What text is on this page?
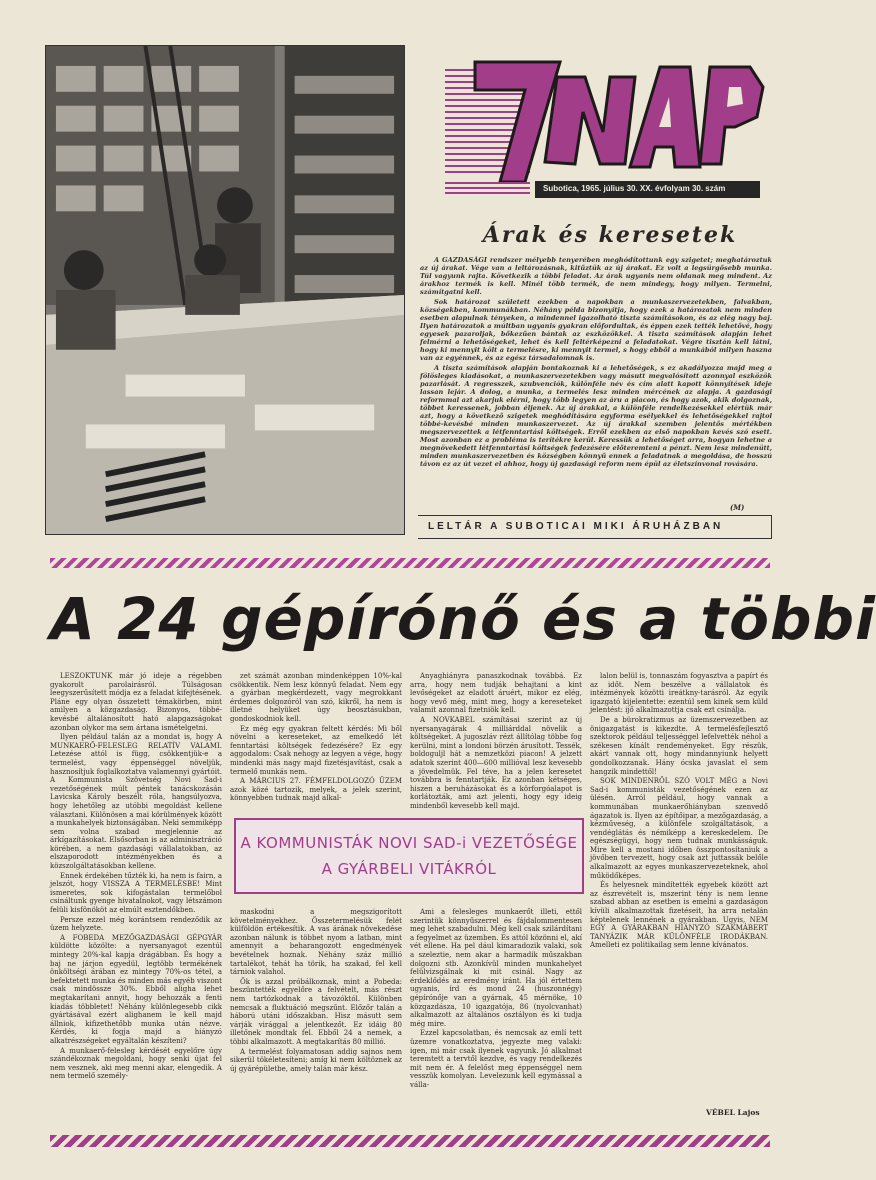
Subotica, 1965. július 30. XX. évfolyam 30. szám
Árak és keresetek

A GAZDASÁGI rendszer mélyebb tenyerében meghódítottunk egy szigetet; meghatároztuk az új árakat. Vége van a leltározásnak, kitűztük az új árakat. Ez volt a legsürgősebb munka. Túl vagyunk rajta. Következik a többi feladat. Az árak ugyanis nem oldanak meg mindent. Az árakhoz termék is kell. Minél több termék, de nem mindegy, hogy milyen. Termelni, számítgatni kell.

Sok határozat született ezekben a napokban a munkaszervezetekben, falvakban, községekben, kommunákban. Néhány példa bizonyítja, hogy ezek a határozatok nem minden esetben alapulnak tényeken, a mindennel igazolható tiszta számításokon, és az elég nagy baj. Ilyen határozatok a múltban ugyanis gyakran előfordultak, és éppen ezek tették lehetővé, hogy egyesek pazaroljak, bőkezűen bántak az eszközökkel. A tiszta számítások alapján lehet felmérni a lehetőségeket, lehet és kell feltérképezni a feladatokat. Végre tisztán kell látni, hogy ki mennyit költ a termelésre, ki mennyit termel, s hogy ebből a munkából milyen haszna van az egyénnek, és az egész társadalomnak is.

A tiszta számítások alapján bontakoznak ki a lehetőségek, s ez akadályozza majd meg a fölösleges kiadásokat, a munkaszervezetekben vagy másutt megvalósított azonnyal eszközök pazarlását. A regresszek, szubvenciók, különféle név és cím alatt kapott könnyítések ideje lassan lejár. A dolog, a munka, a termelés lesz minden mércének az alapja. A gazdasági reformmal azt akarjuk elérni, hogy több legyen az áru a piacon, és hogy azok, akik dolgoznak, többet keressenek, jobban éljenek. Az új árakkal, a különféle rendelkezésekkel elértük már azt, hogy a következő szigetek meghódítására egyforma esélyekkel és lehetőségekkel rajtol többé-kevésbé minden munkaszervezet. Az új árakkal szemben jelentős mértékben megszervezettek a létfenntartási költségek. Erről ezekben az első napokban kevés szó esett. Most azonban ez a probléma is terítékre kerül. Keressük a lehetőséget arra, hogyan lehetne a megnövekedett létfenntartási költségek fedezésére előteremteni a pénzt. Nem lesz mindenütt, minden munkaszervezetben és községben könnyű ennek a feladatnak a megoldása, de hosszú távon ez az út vezet el ahhoz, hogy új gazdasági reform nem épül az életszínvonal rovására.

(M)
LELTÁR A SUBOTICAI MIKI ÁRUHÁZBAN
A 24 gépírónő és a többi

LESZOKTUNK már jó ideje a régebben gyakorolt parolairásról. Túlságosan leegyszerűsített módja ez a feladat kifejtésének. Pláne egy olyan összetett témakörben, mint amilyen a közgazdaság. Bizonyos, többé-kevésbé általánosított ható alapgazságokat azonban olykor ma sem ártana ismételgetni.

Ilyen például talán az a mondat is, hogy A MUNKAERŐ-FELESLEG RELATÍV VALAMI. Letezése attól is függ, csökkentjük-e a termelést, vagy éppenséggel növeljük, hasznosítjuk foglalkoztatva valamennyi gyártóit. A Kommunista Szövetség Novi Sad-i vezetőségének múlt péntek tanácskozásán Lavicska Károly beszélt róla, hangsúlyozva, hogy lehetőleg az utóbbi megoldást kellene választani. Különösen a mai körülmények között a munkahelyek biztonságában. Neki semmiképp sem volna szabad megjelennie az árkígazításokat. Elsősorban is az adminisztráció körében, a nem gazdasági vállalatokban, az elszaporodott intézményekben és a közszolgáltatásokban kellene.

Ennek érdekében tűzték ki, ha nem is fairn, a jelszót, hogy VISSZA A TERMELÉSBE! Mint ismeretes, sok kifogástalan termelőbol csináltunk gyenge hivatalnokot, vagy létszámon felüli kisfönököt az elmúlt esztendőkben.

Persze ezzel még korántsem rendeződik az üzem helyzete.

A FOBEDA MEZŐGAZDASÁGI GÉPGYÁR küldötte közölte: a nyersanyagot ezentúl mintegy 20%-kal kapja drágábban. És hogy a baj ne járjon egyedül, legtöbb termékének önköltségi árában ez mintegy 70%-os tétel, a befektetett munka és minden más egyéb viszont csak mindössze 30%. Ebből aligha lehet megtakarítani annyit, hogy behozzák a fenti kiadás többletet! Néhány különlegesebb cikk gyártásával ezért alighanem le kell majd állniok, kifizethetőbb munka után nézve. Kérdés, ki fogja majd a hiányzó alkatrészségeket egyáltalán készíteni?

A munkaerő-felesleg kérdését egyelőre úgy szándékoznak megoldani, hogy senki újat fel nem vesznek, aki meg menni akar, elengedik. A nem termelő személy-

zet számát azonban mindenképpen 10%-kal csökkentik. Nem lesz könnyű feladat. Nem egy a gyárban megkérdezett, vagy megrokkant érdemes dolgozóról van szó, kikről, ha nem is illetné helyüket úgy beosztásukban, gondoskodniok kell.

Ez még egy gyakran feltett kérdés: Mi ből növelni a kereseteket, az emelkedő lét fenntartási költségek fedezésére? Ez egy aggodalom: Csak nehogy az legyen a vége, hogy mindenki más nagy majd fizetésjavítást, csak a termelő munkás nem.

A MÁRCIUS 27. FÉMFELDOLGOZÓ ÜZEM azok közé tartozik, melyek, a jelek szerint, könnyebben tudnak majd alkal-

Anyaghiányra panaszkodnak továbbá. Ez arra, hogy nem tudják behajtani a kint levőségeket az eladott áruért, mikor ez elég, hogy vevő még, mint meg, hogy a kereseteket valamit azonnal fizetniök kell.

A NOVKABEL számításai szerint az új nyersanyagárak 4 milliárddal növelik a költségeket. A jugoszláv rézt állítólag többe fog kerülni, mint a londoni börzén árusított. Tessék, boldoguljl hát a nemzetközi piacon! A jelzett adatok szerint 400—600 millióval lesz kevesebb a jövedelmük. Fel téve, ha a jelen keresetet továbbra is fenntartják. Ez azonban kétséges, hiszen a beruházásokat és a körforgóalapot is korlátozták, ami azt jelenti, hogy egy ideig mindenből kevesebb kell majd.

A KOMMUNISTÁK NOVI SAD-i VEZETŐSÉGE
A GYÁRBELI VITÁKRÓL

maskodni a megszigorított követelményekhez. Összetermelésük felét külföldön értékesítik. A vas árának növekedése azonban nálunk is többet nyom a latban, mint amennyit a beharangozott engedmények bevételnek hoznak. Néhány száz millió tartalékot, tehát ha törik, ha szakad, fel kell tárniok valahol.

Ők is azzal próbálkoznak, mint a Pobeda: beszüntették egyelőre a felvételt, más részt nem tartózkodnak a távozóktól. Különben nemcsak a fluktuáció megszűnt. Előzőr talán a háború utáni időszakban. Hisz másutt sem várják virággal a jelentkezőt. Ez idáig 80 illetőnek mondtak fel. Ebből 24 a nemek, a többi alkalmazott. A megtakarítás 80 millió.

A termelést folyamatosan addig sajnos nem sikerül tökéletesíteni; amíg ki nem költöznek az új gyárépületbe, amely talán már kész.

Ami a felesleges munkaerőt illeti, ettől szerintük könnyűszerrel és fájdalommentesen meg lehet szabadulni. Még kell csak szilárdítani a fegyelmet az üzemben. Es attól közönni el, akí vét ellene. Ha pel dául kimaradozik valaki, sok a szeleztie, nem akar a harmadik műszakban dolgozni stb. Azonkívül minden munkahelyet felülvizsgálnak ki mit csinál. Nagy az érdeklődés az eredmény iránt. Ha jól értettem ugyanis, írd és mond 24 (huszonnégy) gépírónője van a gyárnak, 45 mérnöke, 10 közgazdásza, 10 igazgatója, 86 (nyolcvanhat) alkalmazott az általános osztályon és ki tudja még mire.

Ezzel kapcsolatban, és nemcsak az emlí tett üzemre vonatkoztatva, jegyezte meg valaki: igen, mi már csak ilyenek vagyunk. Jó alkalmat teremtett a tervtől kezdve, és vagy rendelkezés mit nem ér. A felelőst meg éppenséggel nem vesszük komolyan. Levelezunk kell egymással a válla-

lalon belül is, tonnaszám fogyasztva a papírt és az időt. Nem beszélve a vállalatok és intézmények közötti ireátkny-tarásról. Az egyik igazgató kijelentette: ezentúl sem kinek sem küld jelentést: ijő alkalmazottja csak ezt csinálja.

De a bürokratizmus az üzemszervezetben az önigazgatást is kikezdte. A termelésfejlesztő szektorok például teljességgel lefelvették néhol a székesen kínált rendeményeket. Egy részük, akárt vannak ott, hogy mindannyiunk helyett gondolkozzanak. Hány ócska javaslat el sem hangzik mindettől!

SOK MINDENRŐL SZÓ VOLT MÉG a Novi Sad-i kommunisták vezetőségének ezen az ülésén. Arról például, hogy vannak a kommunában munkaerőhiányban szenvedő ágazatok is. Ilyen az építőipar, a mezőgazdaság, a kézműveség, a különféle szolgáltatások, a vendéglátás és némiképp a kereskedelem. De egészségügyi, hogy nem tudnak munkásságuk. Mire kell a mostani időben összpontosítaniuk a jövőben tervezett, hogy csak azt juttassák belőle alkalmazott az egyes munkaszervezeteknek, ahol működőképes.

És helyesnek mindítették egyebek között azt az észrevételt is, mszerint tény is nem lenne szabad abban az esetben is emelni a gazdaságon kívüli alkalmazottak fizetéseit, ha arra netalán képtelenek lennének a gyárakban. Ugyis, NEM EGY A GYÁRAKBAN HIÁNYZÓ SZAKMÁBERT TANYÁZIK MÁR KÜLÖNFÉLE IRODÁKBAN. Amelleti ez politikailag sem lenne kívánatos.

VÉBEL Lajos
